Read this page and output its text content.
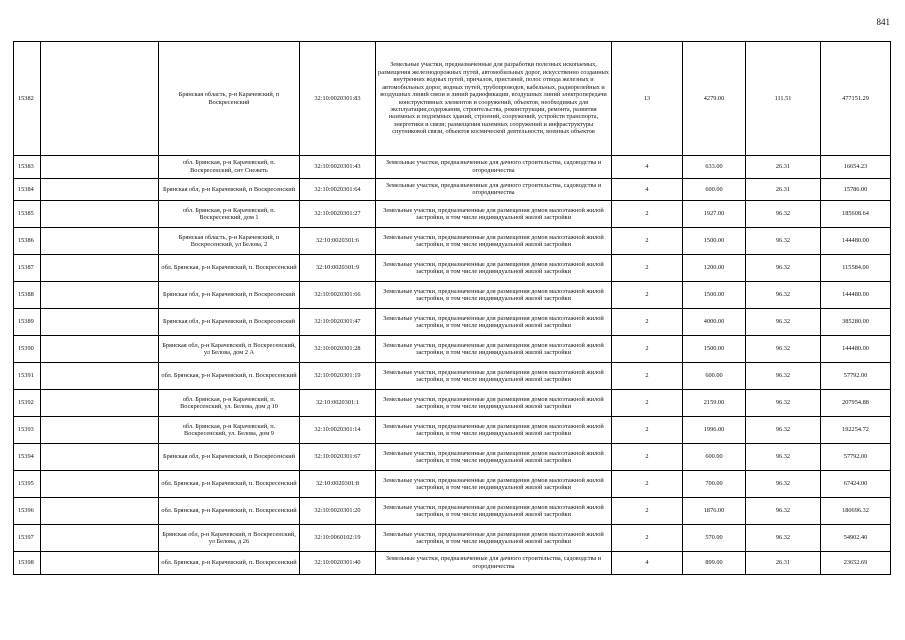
841
15382		Брянская область, р-н Карачевский, п Воскресенский	32:10:0020301:83	Земельные участки, предназначенные для разработки полезных ископаемых, размещения железнодорожных путей, автомобильных дорог, искусственно созданных внутренних водных путей, причалов, пристаней, полос отвода железных и автомобильных дорог, водных путей, трубопроводов, кабельных, радиорелейных и воздушных линий связи и линий радиофикации, воздушных линий электропередачи конструктивных элементов и сооружений, объектов, необходимых для эксплуатации,содержания, строительства, реконструкции, ремонта, развития наземных и подземных зданий, строений, сооружений, устройств транспорта, энергетики и связи; размещения наземных сооружений и инфраструктуры спутниковой связи, объектов космической деятельности, военных объектов	13	4279.00	111.51	477151.29
15383		обл. Брянская, р-н Карачевский, п. Воскресенский, снт Снежеть	32:10:0020301:43	Земельные участки, предназначенные для дачного строительства, садоводства и огородничества	4	633.00	26.31	16654.23
15384		Брянская обл, р-н Карачевский, п Воскресенский	32:10:0020301:64	Земельные участки, предназначенные для дачного строительства, садоводства и огородничества	4	600.00	26.31	15786.00
15385		обл. Брянская, р-н Карачевский, п. Воскресенский, дом 1	32:10:0020301:27	Земельные участки, предназначенные для размещения домов малоэтажной жилой застройки, в том числе индивидуальной жилой застройки	2	1927.00	96.32	185608.64
15386		Брянская область, р-н Карачевский, п Воскресенский, ул Белова, 2	32:10:0020301:6	Земельные участки, предназначенные для размещения домов малоэтажной жилой застройки, в том числе индивидуальной жилой застройки	2	1500.00	96.32	144480.00
15387		обл. Брянская, р-н Карачевский, п. Воскресенский	32:10:0020301:9	Земельные участки, предназначенные для размещения домов малоэтажной жилой застройки, в том числе индивидуальной жилой застройки	2	1200.00	96.32	115584.00
15388		Брянская обл, р-н Карачевский, п Воскресенский	32:10:0020301:66	Земельные участки, предназначенные для размещения домов малоэтажной жилой застройки, в том числе индивидуальной жилой застройки	2	1500.00	96.32	144480.00
15389		Брянская обл, р-н Карачевский, п Воскресенский	32:10:0020301:47	Земельные участки, предназначенные для размещения домов малоэтажной жилой застройки, в том числе индивидуальной жилой застройки	2	4000.00	96.32	385280.00
15390		Брянская обл, р-н Карачевский, п Воскресенский, ул Белова, дом 2 А	32:10:0020301:28	Земельные участки, предназначенные для размещения домов малоэтажной жилой застройки, в том числе индивидуальной жилой застройки	2	1500.00	96.32	144480.00
15391		обл. Брянская, р-н Карачевский, п. Воскресенский	32:10:0020301:19	Земельные участки, предназначенные для размещения домов малоэтажной жилой застройки, в том числе индивидуальной жилой застройки	2	600.00	96.32	57792.00
15392		обл. Брянская, р-н Карачевский, п. Воскресенский, ул. Белова, дом д 10	32:10:0020301:1	Земельные участки, предназначенные для размещения домов малоэтажной жилой застройки, в том числе индивидуальной жилой застройки	2	2159.00	96.32	207954.88
15393		обл. Брянская, р-н Карачевский, п. Воскресенский, ул. Белова, дом 9	32:10:0020301:14	Земельные участки, предназначенные для размещения домов малоэтажной жилой застройки, в том числе индивидуальной жилой застройки	2	1996.00	96.32	192254.72
15394		Брянская обл, р-н Карачевский, п Воскресенский	32:10:0020301:67	Земельные участки, предназначенные для размещения домов малоэтажной жилой застройки, в том числе индивидуальной жилой застройки	2	600.00	96.32	57792.00
15395		обл. Брянская, р-н Карачевский, п. Воскресенский	32:10:0020301:8	Земельные участки, предназначенные для размещения домов малоэтажной жилой застройки, в том числе индивидуальной жилой застройки	2	700.00	96.32	67424.00
15396		обл. Брянская, р-н Карачевский, п. Воскресенский	32:10:0020301:20	Земельные участки, предназначенные для размещения домов малоэтажной жилой застройки, в том числе индивидуальной жилой застройки	2	1876.00	96.32	180696.32
15397		Брянская обл, р-н Карачевский, п Воскресенский, ул Белова, д 26	32:10:0060102:19	Земельные участки, предназначенные для размещения домов малоэтажной жилой застройки, в том числе индивидуальной жилой застройки	2	570.00	96.32	54902.40
15398		обл. Брянская, р-н Карачевский, п. Воскресенский	32:10:0020301:40	Земельные участки, предназначенные для дачного строительства, садоводства и огородничества	4	899.00	26.31	23652.69
